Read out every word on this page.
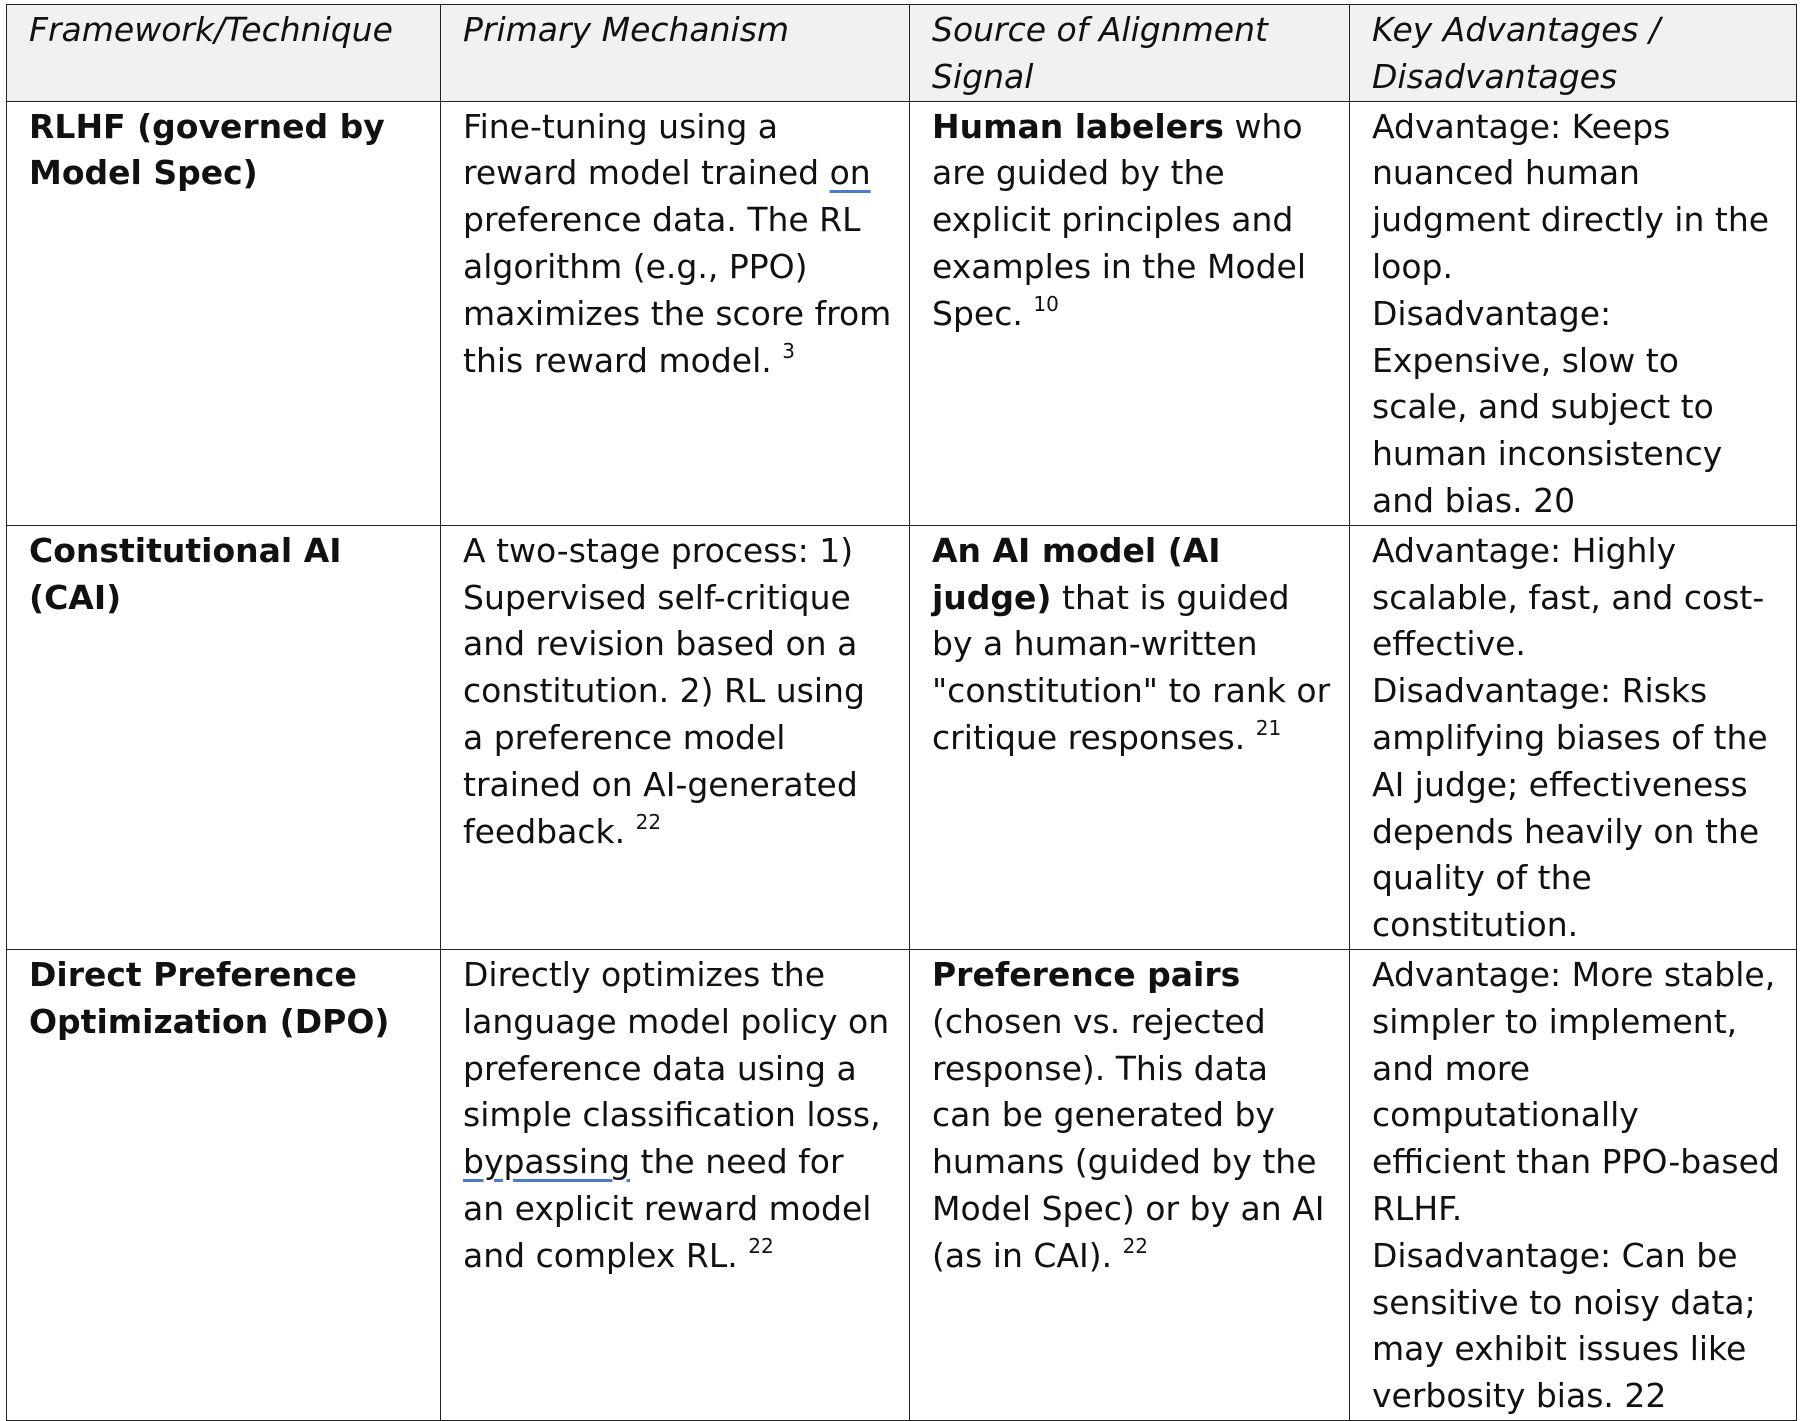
Framework/Technique	Primary Mechanism	Source of Alignment Signal	Key Advantages / Disadvantages
RLHF (governed by Model Spec)	Fine-tuning using a reward model trained on preference data. The RL algorithm (e.g., PPO) maximizes the score from this reward model. $^3$	Human labelers who are guided by the explicit principles and examples in the Model Spec. $^{10}$	Advantage: Keeps nuanced human judgment directly in the loop.
Disadvantage: Expensive, slow to scale, and subject to human inconsistency and bias. 20

Constitutional AI (CAI)	A two-stage process: 1) Supervised self-critique and revision based on a constitution. 2) RL using a preference model trained on AI-generated feedback. $^{22}$	An AI model (AI judge) that is guided by a human-written "constitution" to rank or critique responses. $^{21}$	Advantage: Highly scalable, fast, and cost-effective.
Disadvantage: Risks amplifying biases of the AI judge; effectiveness depends heavily on the quality of the constitution.

Direct Preference Optimization (DPO)	Directly optimizes the language model policy on preference data using a simple classification loss, bypassing the need for an explicit reward model and complex RL. $^{22}$	Preference pairs (chosen vs. rejected response). This data can be generated by humans (guided by the Model Spec) or by an AI (as in CAI). $^{22}$	Advantage: More stable, simpler to implement, and more computationally efficient than PPO-based RLHF.
Disadvantage: Can be sensitive to noisy data; may exhibit issues like verbosity bias. 22
